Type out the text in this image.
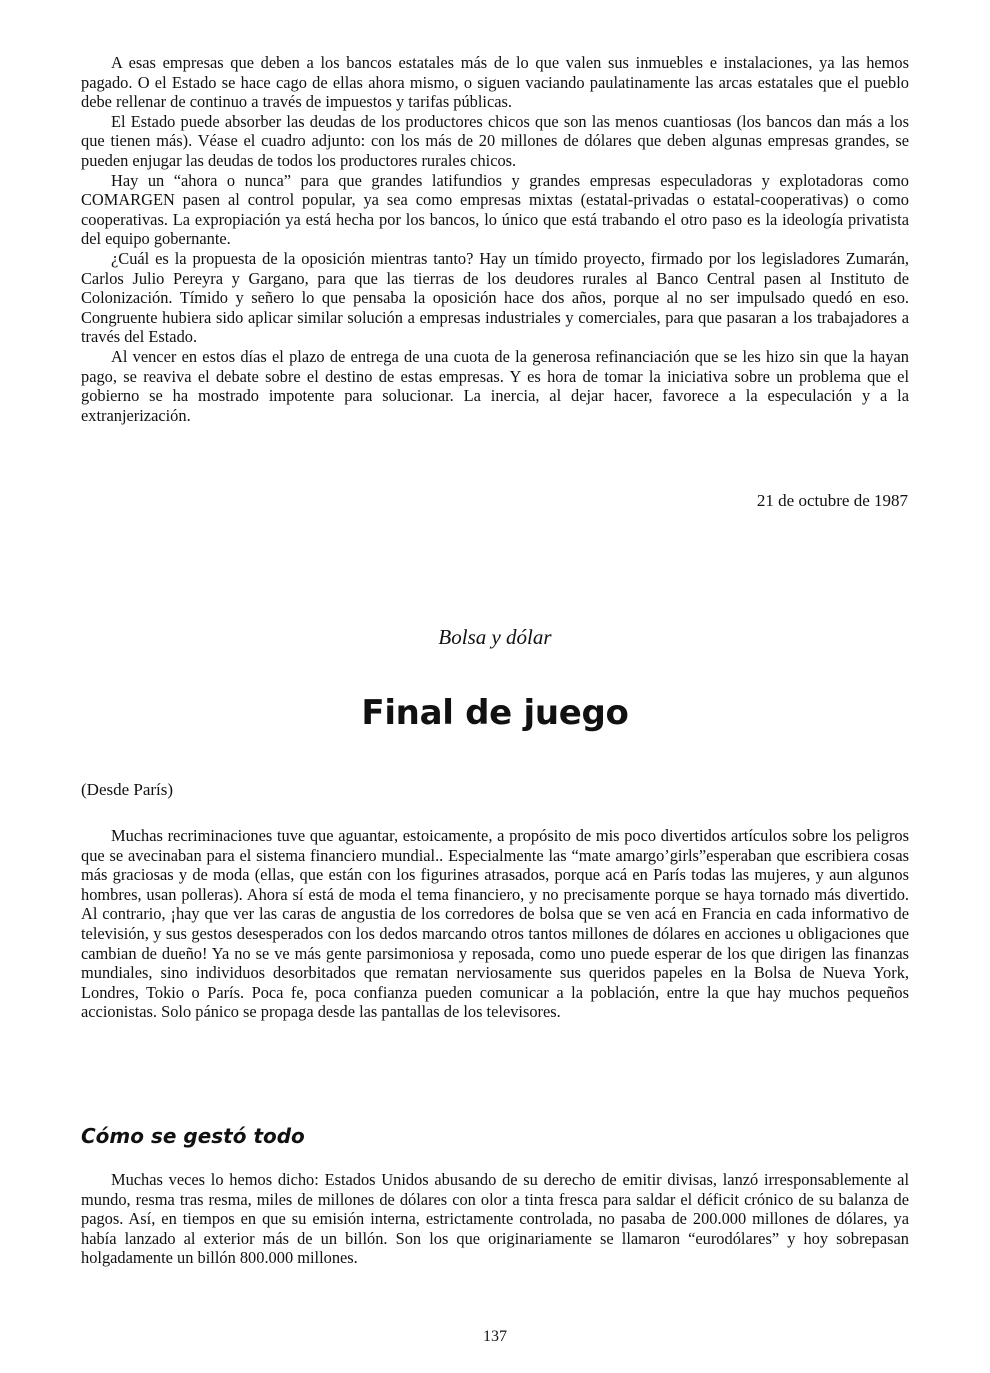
A esas empresas que deben a los bancos estatales más de lo que valen sus inmuebles e instalaciones, ya las hemos pagado. O el Estado se hace cago de ellas ahora mismo, o siguen vaciando paulatinamente las arcas estatales que el pueblo debe rellenar de continuo a través de impuestos y tarifas públicas.

El Estado puede absorber las deudas de los productores chicos que son las menos cuantiosas (los bancos dan más a los que tienen más). Véase el cuadro adjunto: con los más de 20 millones de dólares que deben algunas empresas grandes, se pueden enjugar las deudas de todos los productores rurales chicos.

Hay un “ahora o nunca” para que grandes latifundios y grandes empresas especuladoras y explotadoras como COMARGEN pasen al control popular, ya sea como empresas mixtas (estatal-privadas o estatal-cooperativas) o como cooperativas. La expropiación ya está hecha por los bancos, lo único que está trabando el otro paso es la ideología privatista del equipo gobernante.

¿Cuál es la propuesta de la oposición mientras tanto? Hay un tímido proyecto, firmado por los legisladores Zumarán, Carlos Julio Pereyra y Gargano, para que las tierras de los deudores rurales al Banco Central pasen al Instituto de Colonización. Tímido y señero lo que pensaba la oposición hace dos años, porque al no ser impulsado quedó en eso. Congruente hubiera sido aplicar similar solución a empresas industriales y comerciales, para que pasaran a los trabajadores a través del Estado.

Al vencer en estos días el plazo de entrega de una cuota de la generosa refinanciación que se les hizo sin que la hayan pago, se reaviva el debate sobre el destino de estas empresas. Y es hora de tomar la iniciativa sobre un problema que el gobierno se ha mostrado impotente para solucionar. La inercia, al dejar hacer, favorece a la especulación y a la extranjerización.

21 de octubre de 1987
Bolsa y dólar
Final de juego
(Desde París)

Muchas recriminaciones tuve que aguantar, estoicamente, a propósito de mis poco divertidos artículos sobre los peligros que se avecinaban para el sistema financiero mundial.. Especialmente las “mate amargo’girls”esperaban que escribiera cosas más graciosas y de moda (ellas, que están con los figurines atrasados, porque acá en París todas las mujeres, y aun algunos hombres, usan polleras). Ahora sí está de moda el tema financiero, y no precisamente porque se haya tornado más divertido. Al contrario, ¡hay que ver las caras de angustia de los corredores de bolsa que se ven acá en Francia en cada informativo de televisión, y sus gestos desesperados con los dedos marcando otros tantos millones de dólares en acciones u obligaciones que cambian de dueño! Ya no se ve más gente parsimoniosa y reposada, como uno puede esperar de los que dirigen las finanzas mundiales, sino individuos desorbitados que rematan nerviosamente sus queridos papeles en la Bolsa de Nueva York, Londres, Tokio o París. Poca fe, poca confianza pueden comunicar a la población, entre la que hay muchos pequeños accionistas. Solo pánico se propaga desde las pantallas de los televisores.

Cómo se gestó todo

Muchas veces lo hemos dicho: Estados Unidos abusando de su derecho de emitir divisas, lanzó irresponsablemente al mundo, resma tras resma, miles de millones de dólares con olor a tinta fresca para saldar el déficit crónico de su balanza de pagos. Así, en tiempos en que su emisión interna, estrictamente controlada, no pasaba de 200.000 millones de dólares, ya había lanzado al exterior más de un billón. Son los que originariamente se llamaron “eurodólares” y hoy sobrepasan holgadamente un billón 800.000 millones.

137
